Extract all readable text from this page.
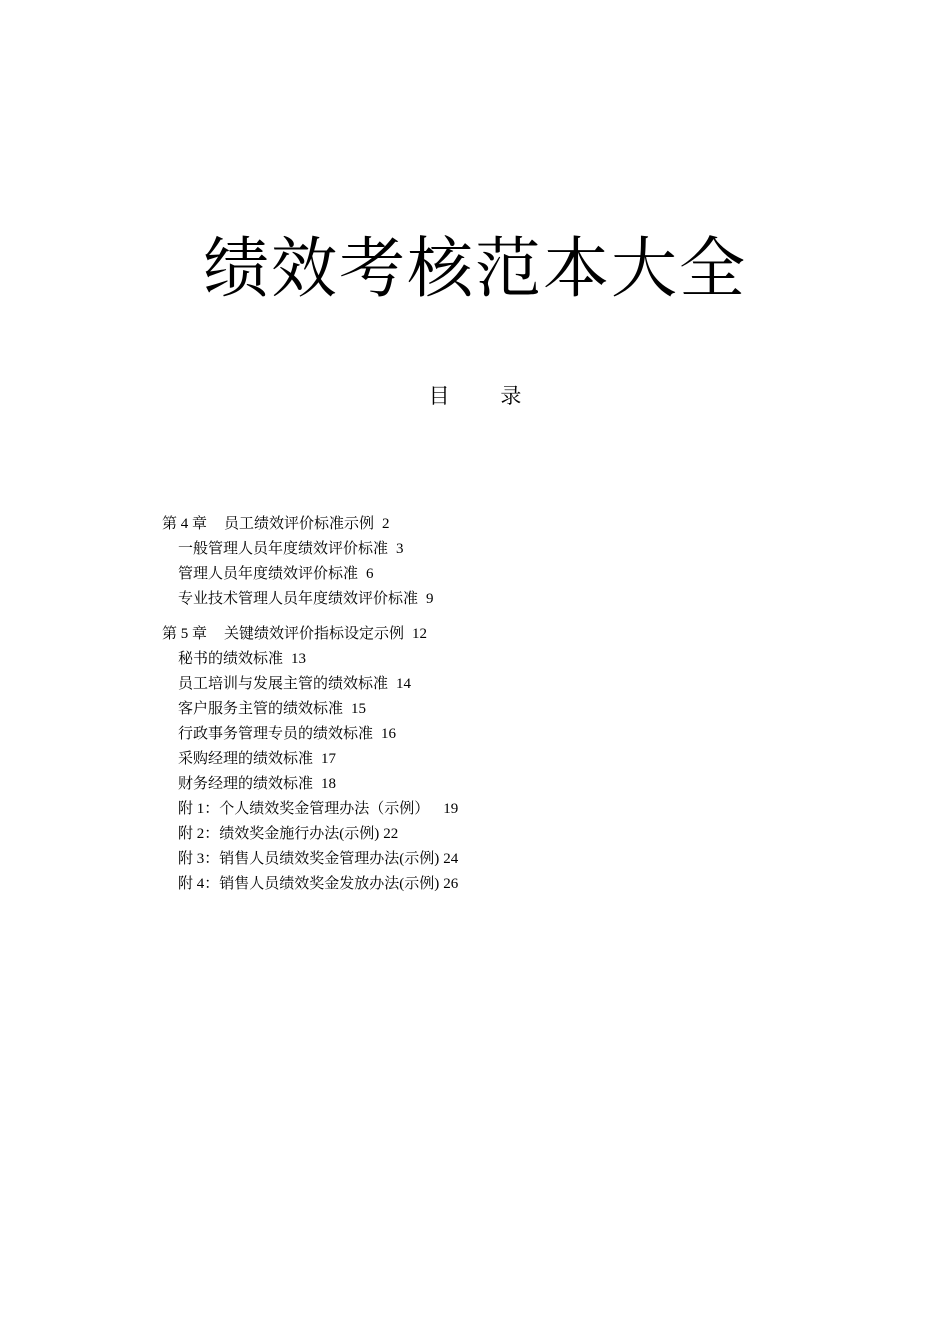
绩效考核范本大全
目 录
第 4 章 员工绩效评价标准示例 2
一般管理人员年度绩效评价标准 3
管理人员年度绩效评价标准 6
专业技术管理人员年度绩效评价标准 9
第 5 章 关键绩效评价指标设定示例 12
秘书的绩效标准 13
员工培训与发展主管的绩效标准 14
客户服务主管的绩效标准 15
行政事务管理专员的绩效标准 16
采购经理的绩效标准 17
财务经理的绩效标准 18
附 1：个人绩效奖金管理办法（示例） 19
附 2：绩效奖金施行办法(示例) 22
附 3：销售人员绩效奖金管理办法(示例) 24
附 4：销售人员绩效奖金发放办法(示例) 26
